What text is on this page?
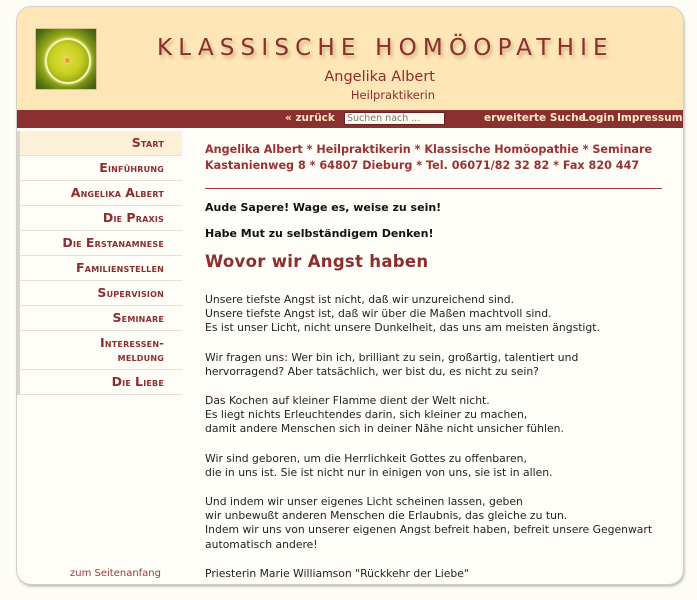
KLASSISCHE HOMÖOPATHIE
Angelika Albert
Heilpraktikerin
« zurück
Suchen nach ...	erweiterte Suche
Login Impressum
Start
Einführung
Angelika Albert
Die Praxis
Die Erstanamnese
Familienstellen
Supervision
Seminare
Interessen-
meldung
Die Liebe
Angelika Albert * Heilpraktikerin * Klassische Homöopathie * Seminare
Kastanienweg 8 * 64807 Dieburg * Tel. 06071/82 32 82 * Fax 820 447
Aude Sapere! Wage es, weise zu sein!
Habe Mut zu selbständigem Denken!
Wovor wir Angst haben
Unsere tiefste Angst ist nicht, daß wir unzureichend sind.
Unsere tiefste Angst ist, daß wir über die Maßen machtvoll sind.
Es ist unser Licht, nicht unsere Dunkelheit, das uns am meisten ängstigt.
Wir fragen uns: Wer bin ich, brilliant zu sein, großartig, talentiert und
hervorragend? Aber tatsächlich, wer bist du, es nicht zu sein?
Das Kochen auf kleiner Flamme dient der Welt nicht.
Es liegt nichts Erleuchtendes darin, sich kleiner zu machen,
damit andere Menschen sich in deiner Nähe nicht unsicher fühlen.
Wir sind geboren, um die Herrlichkeit Gottes zu offenbaren,
die in uns ist. Sie ist nicht nur in einigen von uns, sie ist in allen.
Und indem wir unser eigenes Licht scheinen lassen, geben
wir unbewußt anderen Menschen die Erlaubnis, das gleiche zu tun.
Indem wir uns von unserer eigenen Angst befreit haben, befreit unsere Gegenwart
automatisch andere!
Priesterin Marie Williamson "Rückkehr der Liebe"
zum Seitenanfang
